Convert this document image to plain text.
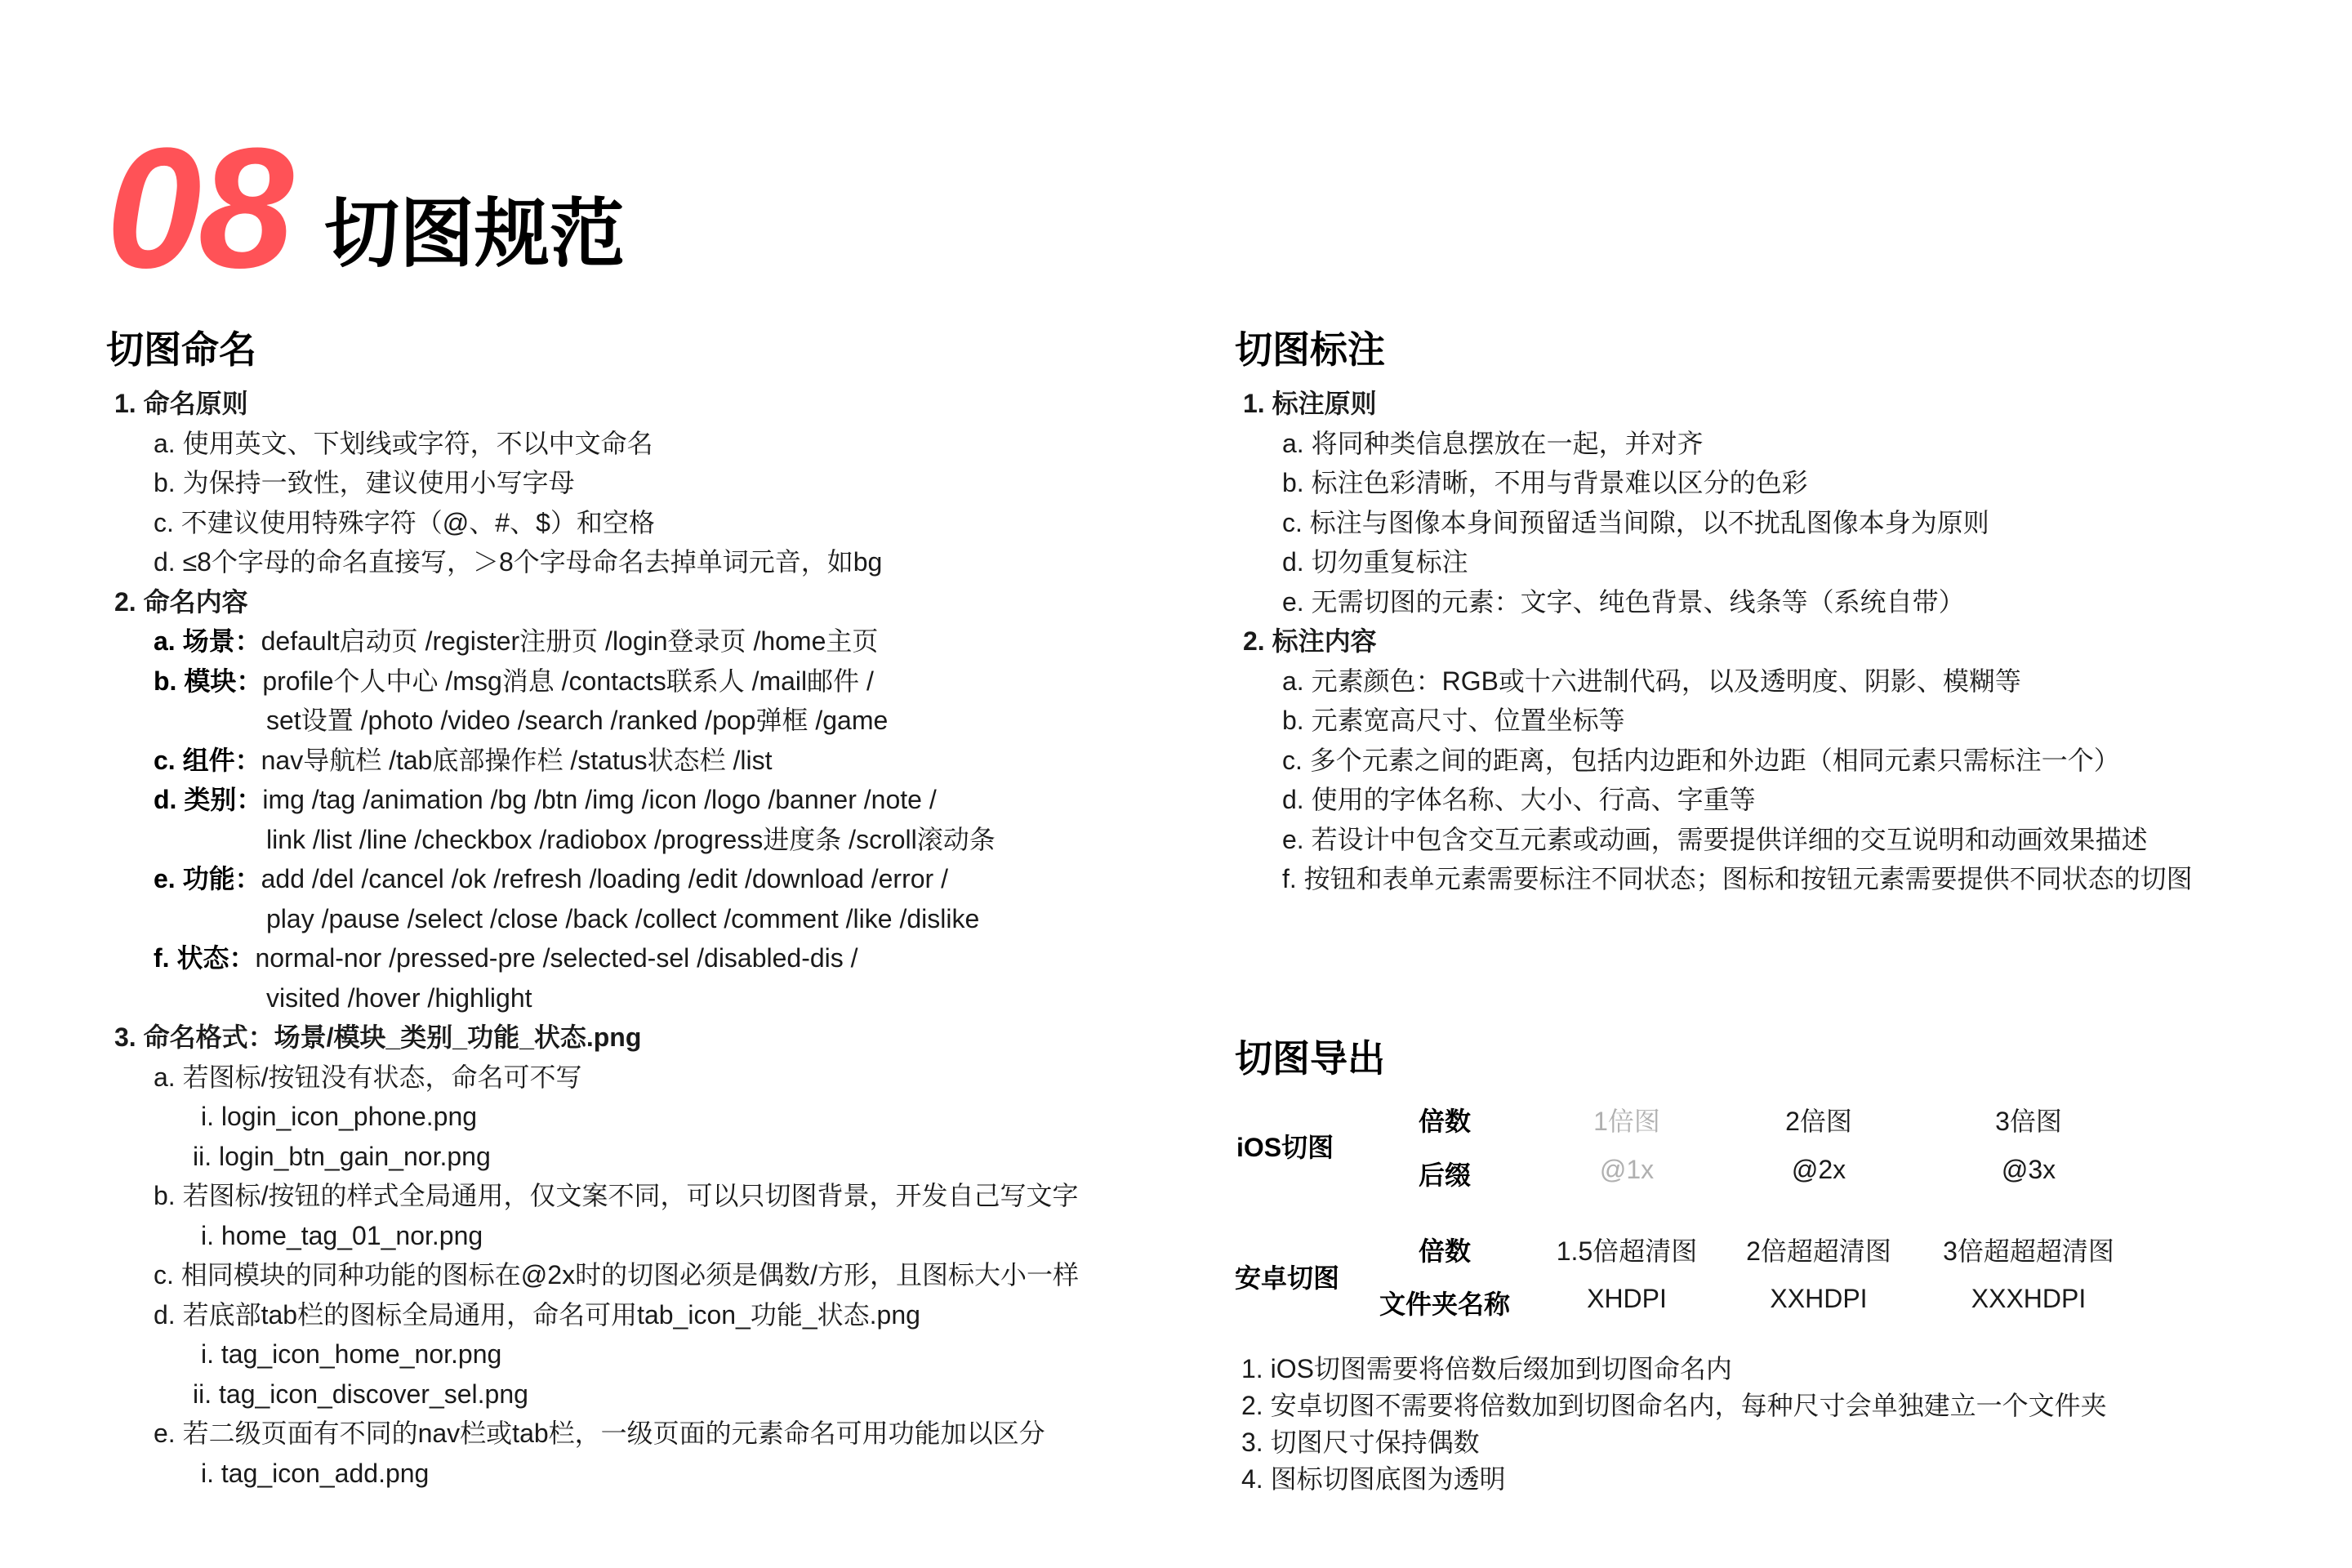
08 切图规范
切图命名
1. 命名原则
a. 使用英文、下划线或字符，不以中文命名
b. 为保持一致性，建议使用小写字母
c. 不建议使用特殊字符（@、#、$）和空格
d. ≤8个字母的命名直接写，＞8个字母命名去掉单词元音，如bg
2. 命名内容
a. 场景：default启动页 /register注册页 /login登录页 /home主页
b. 模块：profile个人中心 /msg消息 /contacts联系人 /mail邮件 /
set设置 /photo /video /search /ranked /pop弹框 /game
c. 组件：nav导航栏 /tab底部操作栏 /status状态栏 /list
d. 类别：img /tag /animation /bg /btn /img /icon /logo /banner /note /
link /list /line /checkbox /radiobox /progress进度条 /scroll滚动条
e. 功能：add /del /cancel /ok /refresh /loading /edit /download /error /
play /pause /select /close /back /collect /comment /like /dislike
f. 状态：normal-nor /pressed-pre /selected-sel /disabled-dis /
visited /hover /highlight
3. 命名格式：场景/模块_类别_功能_状态.png
a. 若图标/按钮没有状态，命名可不写
i. login_icon_phone.png
ii. login_btn_gain_nor.png
b. 若图标/按钮的样式全局通用，仅文案不同，可以只切图背景，开发自己写文字
i. home_tag_01_nor.png
c. 相同模块的同种功能的图标在@2x时的切图必须是偶数/方形，且图标大小一样
d. 若底部tab栏的图标全局通用，命名可用tab_icon_功能_状态.png
i. tag_icon_home_nor.png
ii. tag_icon_discover_sel.png
e. 若二级页面有不同的nav栏或tab栏，一级页面的元素命名可用功能加以区分
i. tag_icon_add.png
切图标注
1. 标注原则
a. 将同种类信息摆放在一起，并对齐
b. 标注色彩清晰，不用与背景难以区分的色彩
c. 标注与图像本身间预留适当间隙，以不扰乱图像本身为原则
d. 切勿重复标注
e. 无需切图的元素：文字、纯色背景、线条等（系统自带）
2. 标注内容
a. 元素颜色：RGB或十六进制代码，以及透明度、阴影、模糊等
b. 元素宽高尺寸、位置坐标等
c. 多个元素之间的距离，包括内边距和外边距（相同元素只需标注一个）
d. 使用的字体名称、大小、行高、字重等
e. 若设计中包含交互元素或动画，需要提供详细的交互说明和动画效果描述
f. 按钮和表单元素需要标注不同状态；图标和按钮元素需要提供不同状态的切图
切图导出
iOS切图
倍数	1倍图	2倍图	3倍图
后缀	@1x	@2x	@3x
安卓切图
倍数	1.5倍超清图 2倍超超清图 3倍超超超清图
文件夹名称	XHDPI	XXHDPI	XXXHDPI
1. iOS切图需要将倍数后缀加到切图命名内
2. 安卓切图不需要将倍数加到切图命名内，每种尺寸会单独建立一个文件夹
3. 切图尺寸保持偶数
4. 图标切图底图为透明
